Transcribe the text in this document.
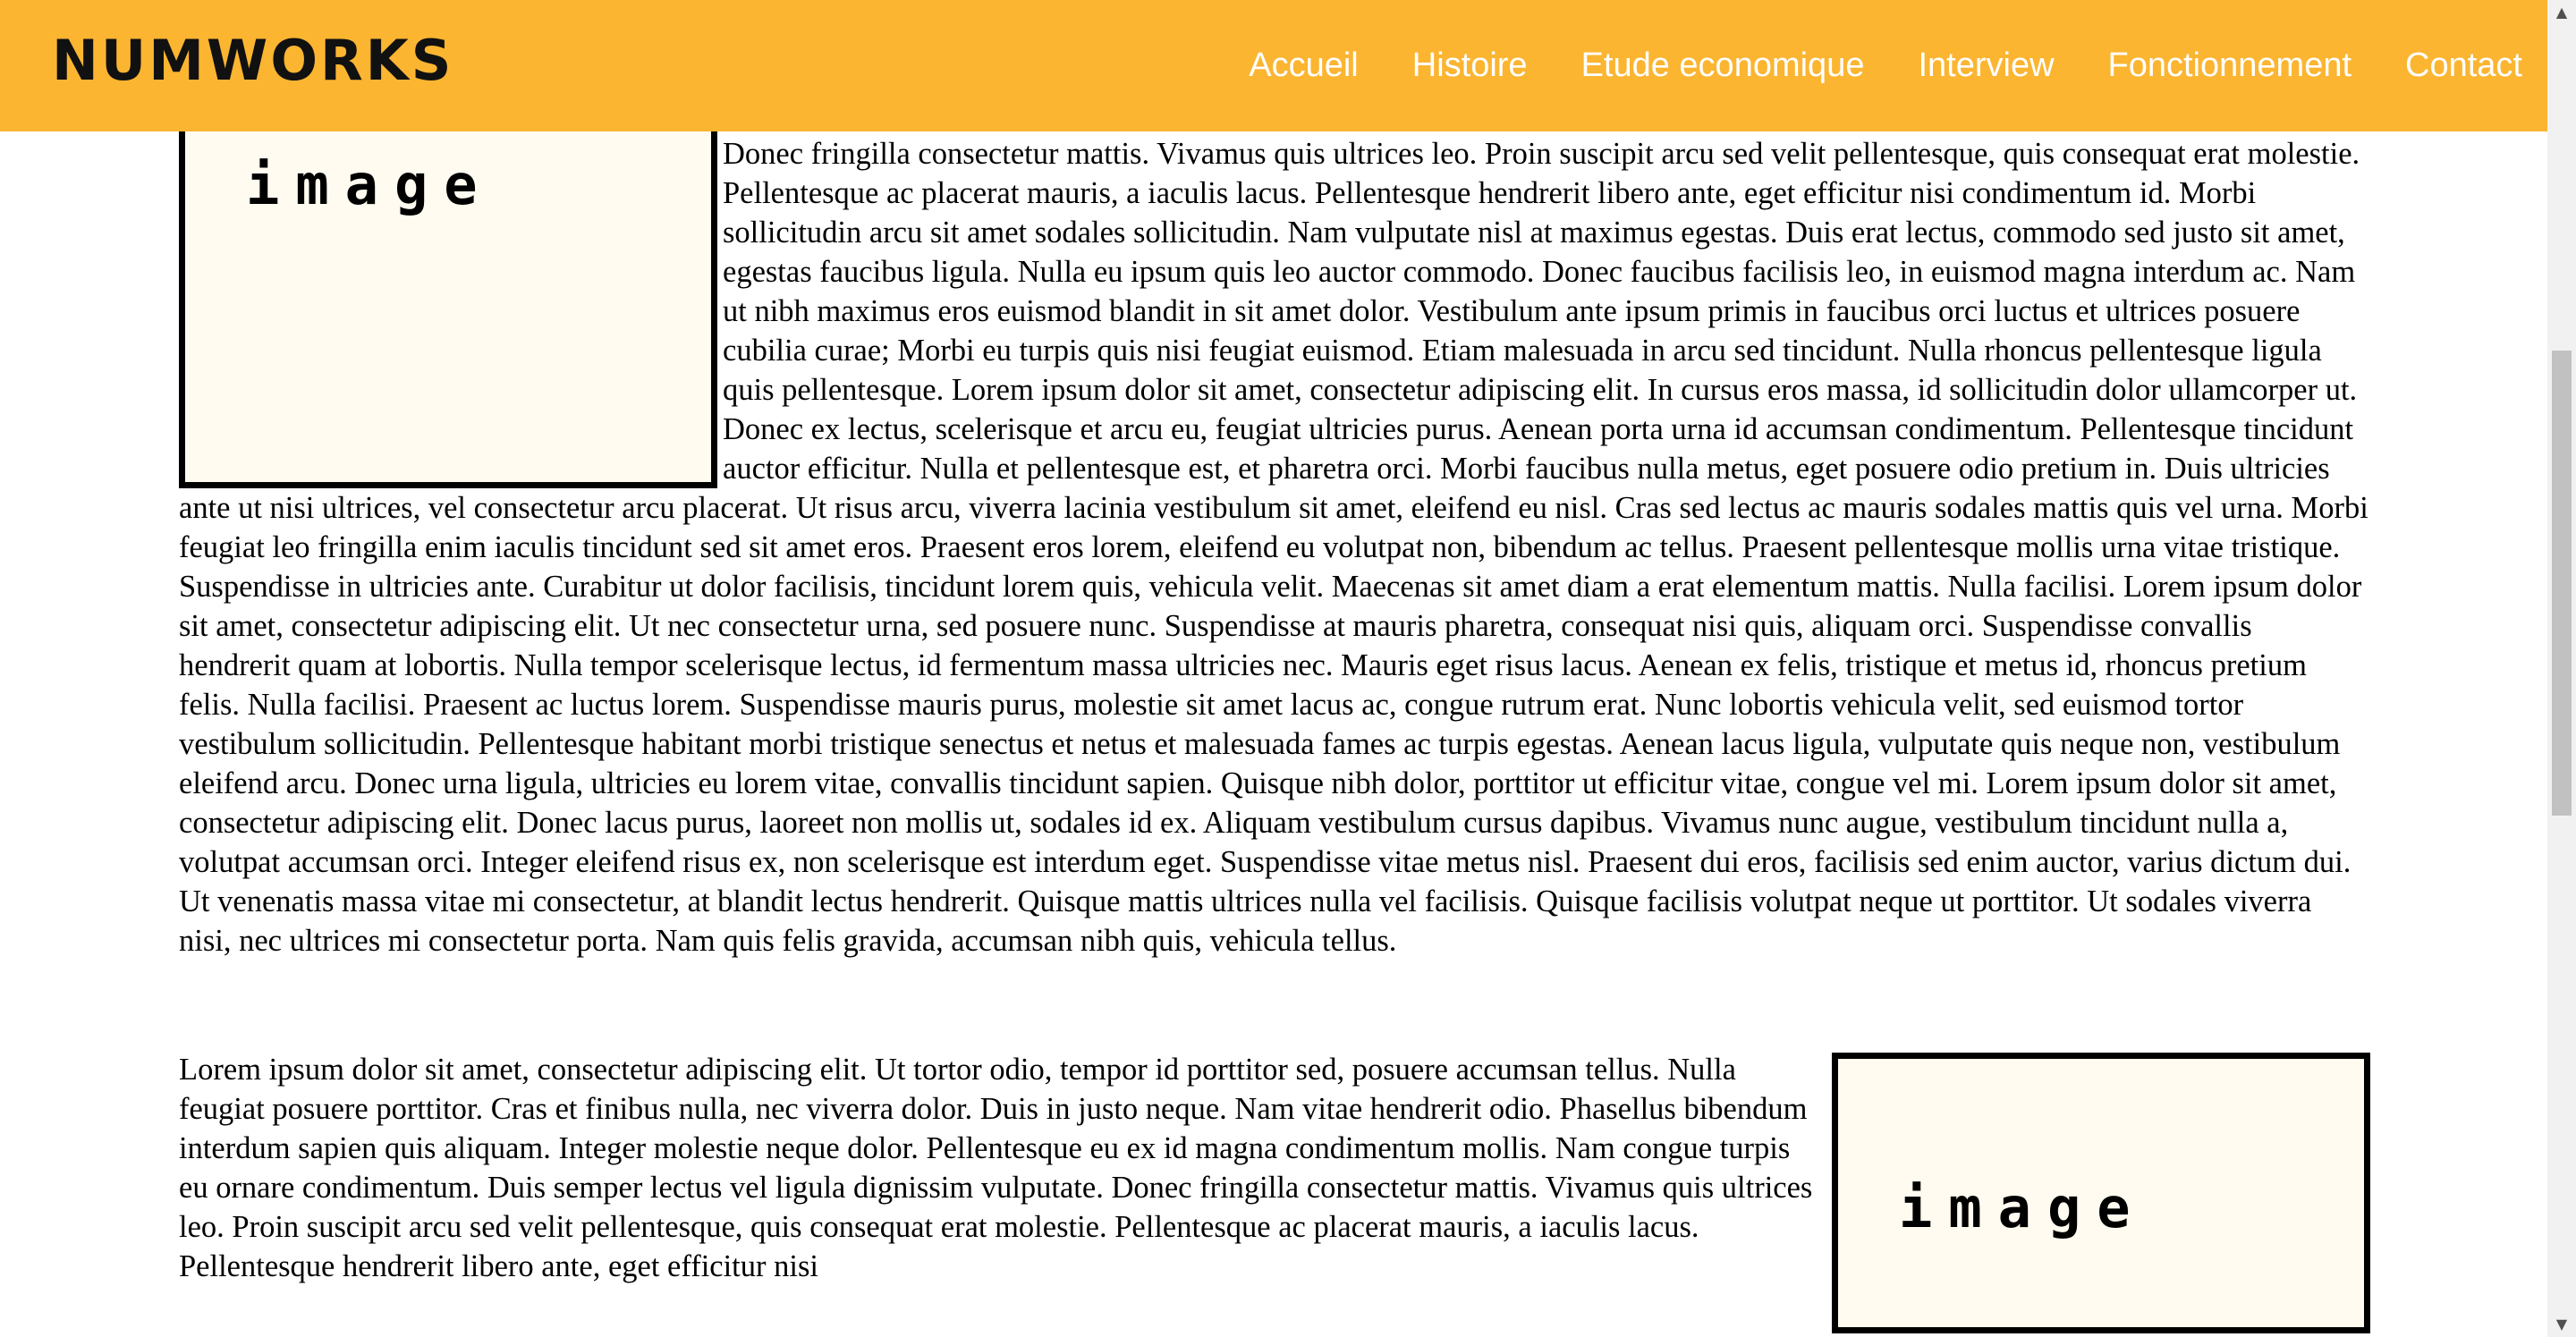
image	Donec fringilla consectetur mattis. Vivamus quis ultrices leo. Proin suscipit arcu sed velit pellentesque, quis consequat erat molestie. Pellentesque ac placerat mauris, a iaculis lacus. Pellentesque hendrerit libero ante, eget efficitur nisi condimentum id. Morbi sollicitudin arcu sit amet sodales sollicitudin. Nam vulputate nisl at maximus egestas. Duis erat lectus, commodo sed justo sit amet, egestas faucibus ligula. Nulla eu ipsum quis leo auctor commodo. Donec faucibus facilisis leo, in euismod magna interdum ac. Nam ut nibh maximus eros euismod blandit in sit amet dolor. Vestibulum ante ipsum primis in faucibus orci luctus et ultrices posuere cubilia curae; Morbi eu turpis quis nisi feugiat euismod. Etiam malesuada in arcu sed tincidunt. Nulla rhoncus pellentesque ligula quis pellentesque. Lorem ipsum dolor sit amet, consectetur adipiscing elit. In cursus eros massa, id sollicitudin dolor ullamcorper ut. Donec ex lectus, scelerisque et arcu eu, feugiat ultricies purus. Aenean porta urna id accumsan condimentum. Pellentesque tincidunt auctor efficitur. Nulla et pellentesque est, et pharetra orci. Morbi faucibus nulla metus, eget posuere odio pretium in. Duis ultricies ante ut nisi ultrices, vel consectetur arcu placerat. Ut risus arcu, viverra lacinia vestibulum sit amet, eleifend eu nisl. Cras sed lectus ac mauris sodales mattis quis vel urna. Morbi feugiat leo fringilla enim iaculis tincidunt sed sit amet eros. Praesent eros lorem, eleifend eu volutpat non, bibendum ac tellus. Praesent pellentesque mollis urna vitae tristique. Suspendisse in ultricies ante. Curabitur ut dolor facilisis, tincidunt lorem quis, vehicula velit. Maecenas sit amet diam a erat elementum mattis. Nulla facilisi. Lorem ipsum dolor sit amet, consectetur adipiscing elit. Ut nec consectetur urna, sed posuere nunc. Suspendisse at mauris pharetra, consequat nisi quis, aliquam orci. Suspendisse convallis hendrerit quam at lobortis. Nulla tempor scelerisque lectus, id fermentum massa ultricies nec. Mauris eget risus lacus. Aenean ex felis, tristique et metus id, rhoncus pretium felis. Nulla facilisi. Praesent ac luctus lorem. Suspendisse mauris purus, molestie sit amet lacus ac, congue rutrum erat. Nunc lobortis vehicula velit, sed euismod tortor vestibulum sollicitudin. Pellentesque habitant morbi tristique senectus et netus et malesuada fames ac turpis egestas. Aenean lacus ligula, vulputate quis neque non, vestibulum eleifend arcu. Donec urna ligula, ultricies eu lorem vitae, convallis tincidunt sapien. Quisque nibh dolor, porttitor ut efficitur vitae, congue vel mi. Lorem ipsum dolor sit amet, consectetur adipiscing elit. Donec lacus purus, laoreet non mollis ut, sodales id ex. Aliquam vestibulum cursus dapibus. Vivamus nunc augue, vestibulum tincidunt nulla a, volutpat accumsan orci. Integer eleifend risus ex, non scelerisque est interdum eget. Suspendisse vitae metus nisl. Praesent dui eros, facilisis sed enim auctor, varius dictum dui. Ut venenatis massa vitae mi consectetur, at blandit lectus hendrerit. Quisque mattis ultrices nulla vel facilisis. Quisque facilisis volutpat neque ut porttitor. Ut sodales viverra nisi, nec ultrices mi consectetur porta. Nam quis felis gravida, accumsan nibh quis, vehicula tellus.

image

Lorem ipsum dolor sit amet, consectetur adipiscing elit. Ut tortor odio, tempor id porttitor sed, posuere accumsan tellus. Nulla feugiat posuere porttitor. Cras et finibus nulla, nec viverra dolor. Duis in justo neque. Nam vitae hendrerit odio. Phasellus bibendum interdum sapien quis aliquam. Integer molestie neque dolor. Pellentesque eu ex id magna condimentum mollis. Nam congue turpis eu ornare condimentum. Duis semper lectus vel ligula dignissim vulputate. Donec fringilla consectetur mattis. Vivamus quis ultrices leo. Proin suscipit arcu sed velit pellentesque, quis consequat erat molestie. Pellentesque ac placerat mauris, a iaculis lacus. Pellentesque hendrerit libero ante, eget efficitur nisi

NUMWORKS	Accueil Histoire Etude economique Interview Fonctionnement Contact
▲
▼
